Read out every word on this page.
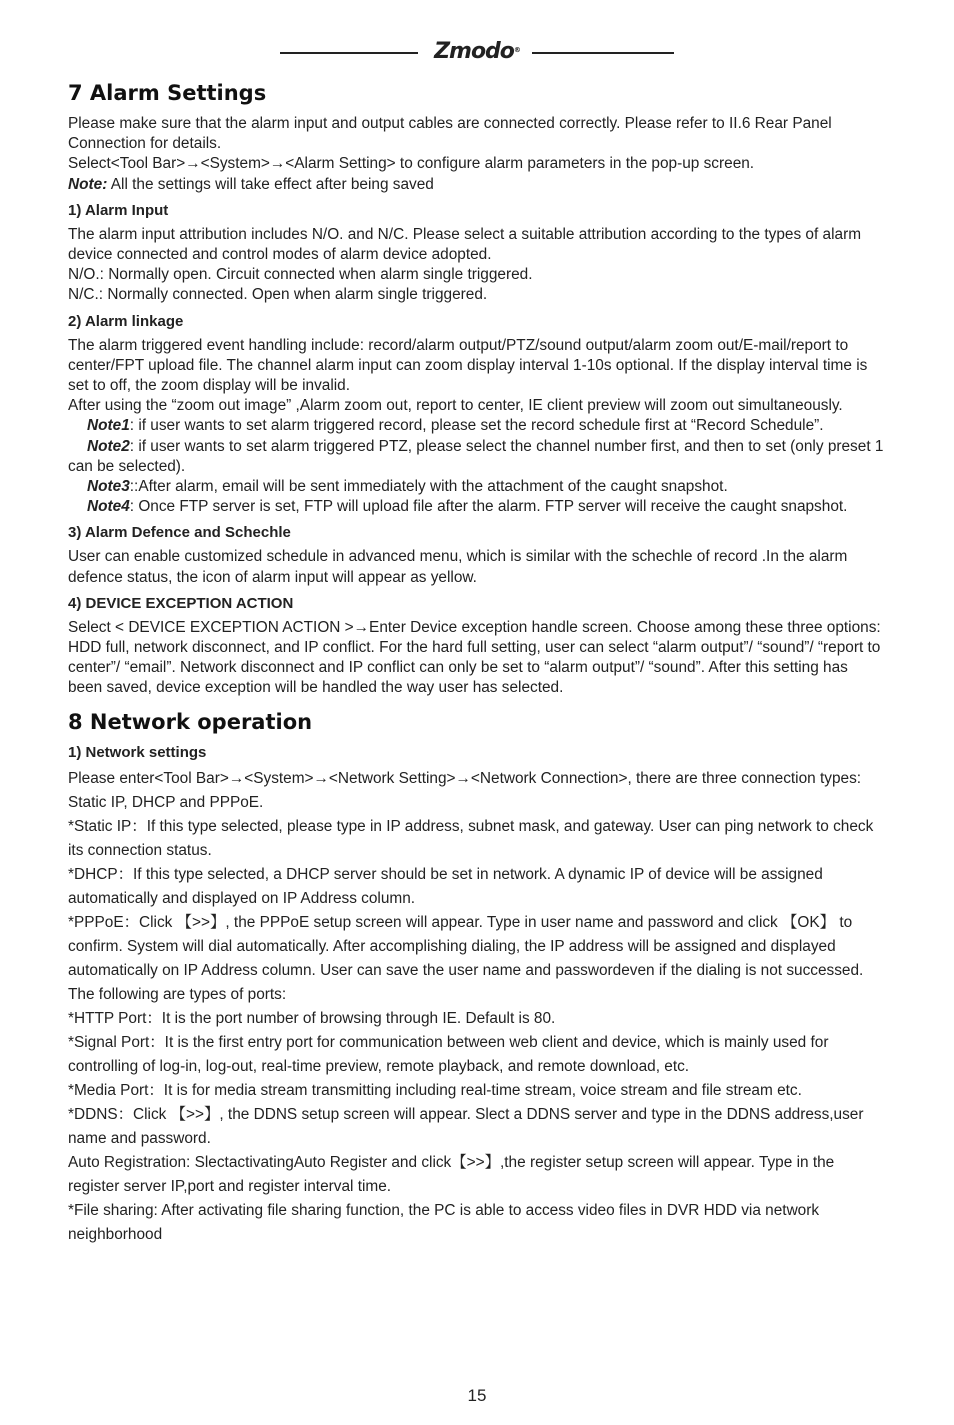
Zmodo®
7 Alarm Settings

Please make sure that the alarm input and output cables are connected correctly. Please refer to II.6 Rear Panel Connection for details.

Select<Tool Bar>→<System>→<Alarm Setting> to configure alarm parameters in the pop-up screen.

Note: All the settings will take effect after being saved

1) Alarm Input

The alarm input attribution includes N/O. and N/C. Please select a suitable attribution according to the types of alarm device connected and control modes of alarm device adopted.

N/O.: Normally open. Circuit connected when alarm single triggered.

N/C.: Normally connected. Open when alarm single triggered.

2) Alarm linkage

The alarm triggered event handling include: record/alarm output/PTZ/sound output/alarm zoom out/E-mail/report to center/FPT upload file. The channel alarm input can zoom display interval 1-10s optional. If the display interval time is set to off, the zoom display will be invalid.

After using the “zoom out image” ,Alarm zoom out, report to center, IE client preview will zoom out simultaneously.

Note1: if user wants to set alarm triggered record, please set the record schedule first at “Record Schedule”.

Note2: if user wants to set alarm triggered PTZ, please select the channel number first, and then to set (only preset 1 can be selected).

Note3::After alarm, email will be sent immediately with the attachment of the caught snapshot.

Note4: Once FTP server is set, FTP will upload file after the alarm. FTP server will receive the caught snapshot.

3) Alarm Defence and Schechle

User can enable customized schedule in advanced menu, which is similar with the schechle of record .In the alarm defence status, the icon of alarm input will appear as yellow.

4) DEVICE EXCEPTION ACTION

Select < DEVICE EXCEPTION ACTION >→Enter Device exception handle screen. Choose among these three options: HDD full, network disconnect, and IP conflict. For the hard full setting, user can select “alarm output”/ “sound”/ “report to center”/ “email”. Network disconnect and IP conflict can only be set to “alarm output”/ “sound”. After this setting has been saved, device exception will be handled the way user has selected.

8 Network operation
1) Network settings

Please enter<Tool Bar>→<System>→<Network Setting>→<Network Connection>, there are three connection types: Static IP, DHCP and PPPoE.

*Static IP：If this type selected, please type in IP address, subnet mask, and gateway. User can ping network to check its connection status.

*DHCP：If this type selected, a DHCP server should be set in network. A dynamic IP of device will be assigned automatically and displayed on IP Address column.

*PPPoE：Click 【>>】, the PPPoE setup screen will appear. Type in user name and password and click 【OK】 to confirm. System will dial automatically. After accomplishing dialing, the IP address will be assigned and displayed automatically on IP Address column. User can save the user name and passwordeven if the dialing is not successed.

The following are types of ports:

*HTTP Port：It is the port number of browsing through IE. Default is 80.

*Signal Port：It is the first entry port for communication between web client and device, which is mainly used for controlling of log-in, log-out, real-time preview, remote playback, and remote download, etc.

*Media Port：It is for media stream transmitting including real-time stream, voice stream and file stream etc.

*DDNS：Click 【>>】, the DDNS setup screen will appear. Slect a DDNS server and type in the DDNS address,user name and password.

Auto Registration: SlectactivatingAuto Register and click【>>】,the register setup screen will appear. Type in the register server IP,port and register interval time.

*File sharing: After activating file sharing function, the PC is able to access video files in DVR HDD via network neighborhood

15
